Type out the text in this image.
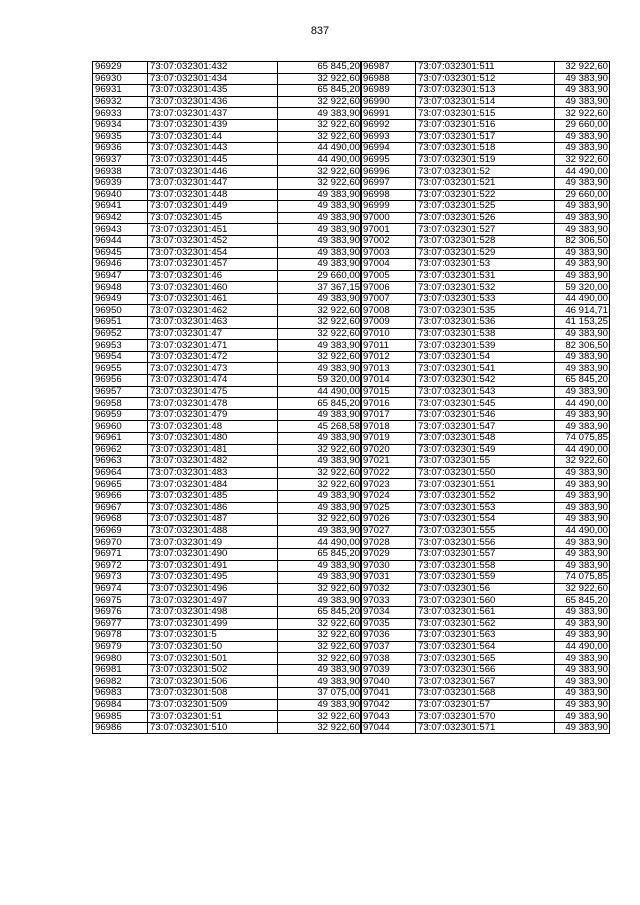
837
96929	73:07:032301:432	65 845,20
96930	73:07:032301:434	32 922,60
96931	73:07:032301:435	65 845,20
96932	73:07:032301:436	32 922,60
96933	73:07:032301:437	49 383,90
96934	73:07:032301:439	32 922,60
96935	73:07:032301:44	32 922,60
96936	73:07:032301:443	44 490,00
96937	73:07:032301:445	44 490,00
96938	73:07:032301:446	32 922,60
96939	73:07:032301:447	32 922,60
96940	73:07:032301:448	49 383,90
96941	73:07:032301:449	49 383,90
96942	73:07:032301:45	49 383,90
96943	73:07:032301:451	49 383,90
96944	73:07:032301:452	49 383,90
96945	73:07:032301:454	49 383,90
96946	73:07:032301:457	49 383,90
96947	73:07:032301:46	29 660,00
96948	73:07:032301:460	37 367,15
96949	73:07:032301:461	49 383,90
96950	73:07:032301:462	32 922,60
96951	73:07:032301:463	32 922,60
96952	73:07:032301:47	32 922,60
96953	73:07:032301:471	49 383,90
96954	73:07:032301:472	32 922,60
96955	73:07:032301:473	49 383,90
96956	73:07:032301:474	59 320,00
96957	73:07:032301:475	44 490,00
96958	73:07:032301:478	65 845,20
96959	73:07:032301:479	49 383,90
96960	73:07:032301:48	45 268,58
96961	73:07:032301:480	49 383,90
96962	73:07:032301:481	32 922,60
96963	73:07:032301:482	49 383,90
96964	73:07:032301:483	32 922,60
96965	73:07:032301:484	32 922,60
96966	73:07:032301:485	49 383,90
96967	73:07:032301:486	49 383,90
96968	73:07:032301:487	32 922,60
96969	73:07:032301:488	49 383,90
96970	73:07:032301:49	44 490,00
96971	73:07:032301:490	65 845,20
96972	73:07:032301:491	49 383,90
96973	73:07:032301:495	49 383,90
96974	73:07:032301:496	32 922,60
96975	73:07:032301:497	49 383,90
96976	73:07:032301:498	65 845,20
96977	73:07:032301:499	32 922,60
96978	73:07:032301:5	32 922,60
96979	73:07:032301:50	32 922,60
96980	73:07:032301:501	32 922,60
96981	73:07:032301:502	49 383,90
96982	73:07:032301:506	49 383,90
96983	73:07:032301:508	37 075,00
96984	73:07:032301:509	49 383,90
96985	73:07:032301:51	32 922,60
96986	73:07:032301:510	32 922,60
96987	73:07:032301:511	32 922,60
96988	73:07:032301:512	49 383,90
96989	73:07:032301:513	49 383,90
96990	73:07:032301:514	49 383,90
96991	73:07:032301:515	32 922,60
96992	73:07:032301:516	29 660,00
96993	73:07:032301:517	49 383,90
96994	73:07:032301:518	49 383,90
96995	73:07:032301:519	32 922,60
96996	73:07:032301:52	44 490,00
96997	73:07:032301:521	49 383,90
96998	73:07:032301:522	29 660,00
96999	73:07:032301:525	49 383,90
97000	73:07:032301:526	49 383,90
97001	73:07:032301:527	49 383,90
97002	73:07:032301:528	82 306,50
97003	73:07:032301:529	49 383,90
97004	73:07:032301:53	49 383,90
97005	73:07:032301:531	49 383,90
97006	73:07:032301:532	59 320,00
97007	73:07:032301:533	44 490,00
97008	73:07:032301:535	46 914,71
97009	73:07:032301:536	41 153,25
97010	73:07:032301:538	49 383,90
97011	73:07:032301:539	82 306,50
97012	73:07:032301:54	49 383,90
97013	73:07:032301:541	49 383,90
97014	73:07:032301:542	65 845,20
97015	73:07:032301:543	49 383,90
97016	73:07:032301:545	44 490,00
97017	73:07:032301:546	49 383,90
97018	73:07:032301:547	49 383,90
97019	73:07:032301:548	74 075,85
97020	73:07:032301:549	44 490,00
97021	73:07:032301:55	32 922,60
97022	73:07:032301:550	49 383,90
97023	73:07:032301:551	49 383,90
97024	73:07:032301:552	49 383,90
97025	73:07:032301:553	49 383,90
97026	73:07:032301:554	49 383,90
97027	73:07:032301:555	44 490,00
97028	73:07:032301:556	49 383,90
97029	73:07:032301:557	49 383,90
97030	73:07:032301:558	49 383,90
97031	73:07:032301:559	74 075,85
97032	73:07:032301:56	32 922,60
97033	73:07:032301:560	65 845,20
97034	73:07:032301:561	49 383,90
97035	73:07:032301:562	49 383,90
97036	73:07:032301:563	49 383,90
97037	73:07:032301:564	44 490,00
97038	73:07:032301:565	49 383,90
97039	73:07:032301:566	49 383,90
97040	73:07:032301:567	49 383,90
97041	73:07:032301:568	49 383,90
97042	73:07:032301:57	49 383,90
97043	73:07:032301:570	49 383,90
97044	73:07:032301:571	49 383,90
